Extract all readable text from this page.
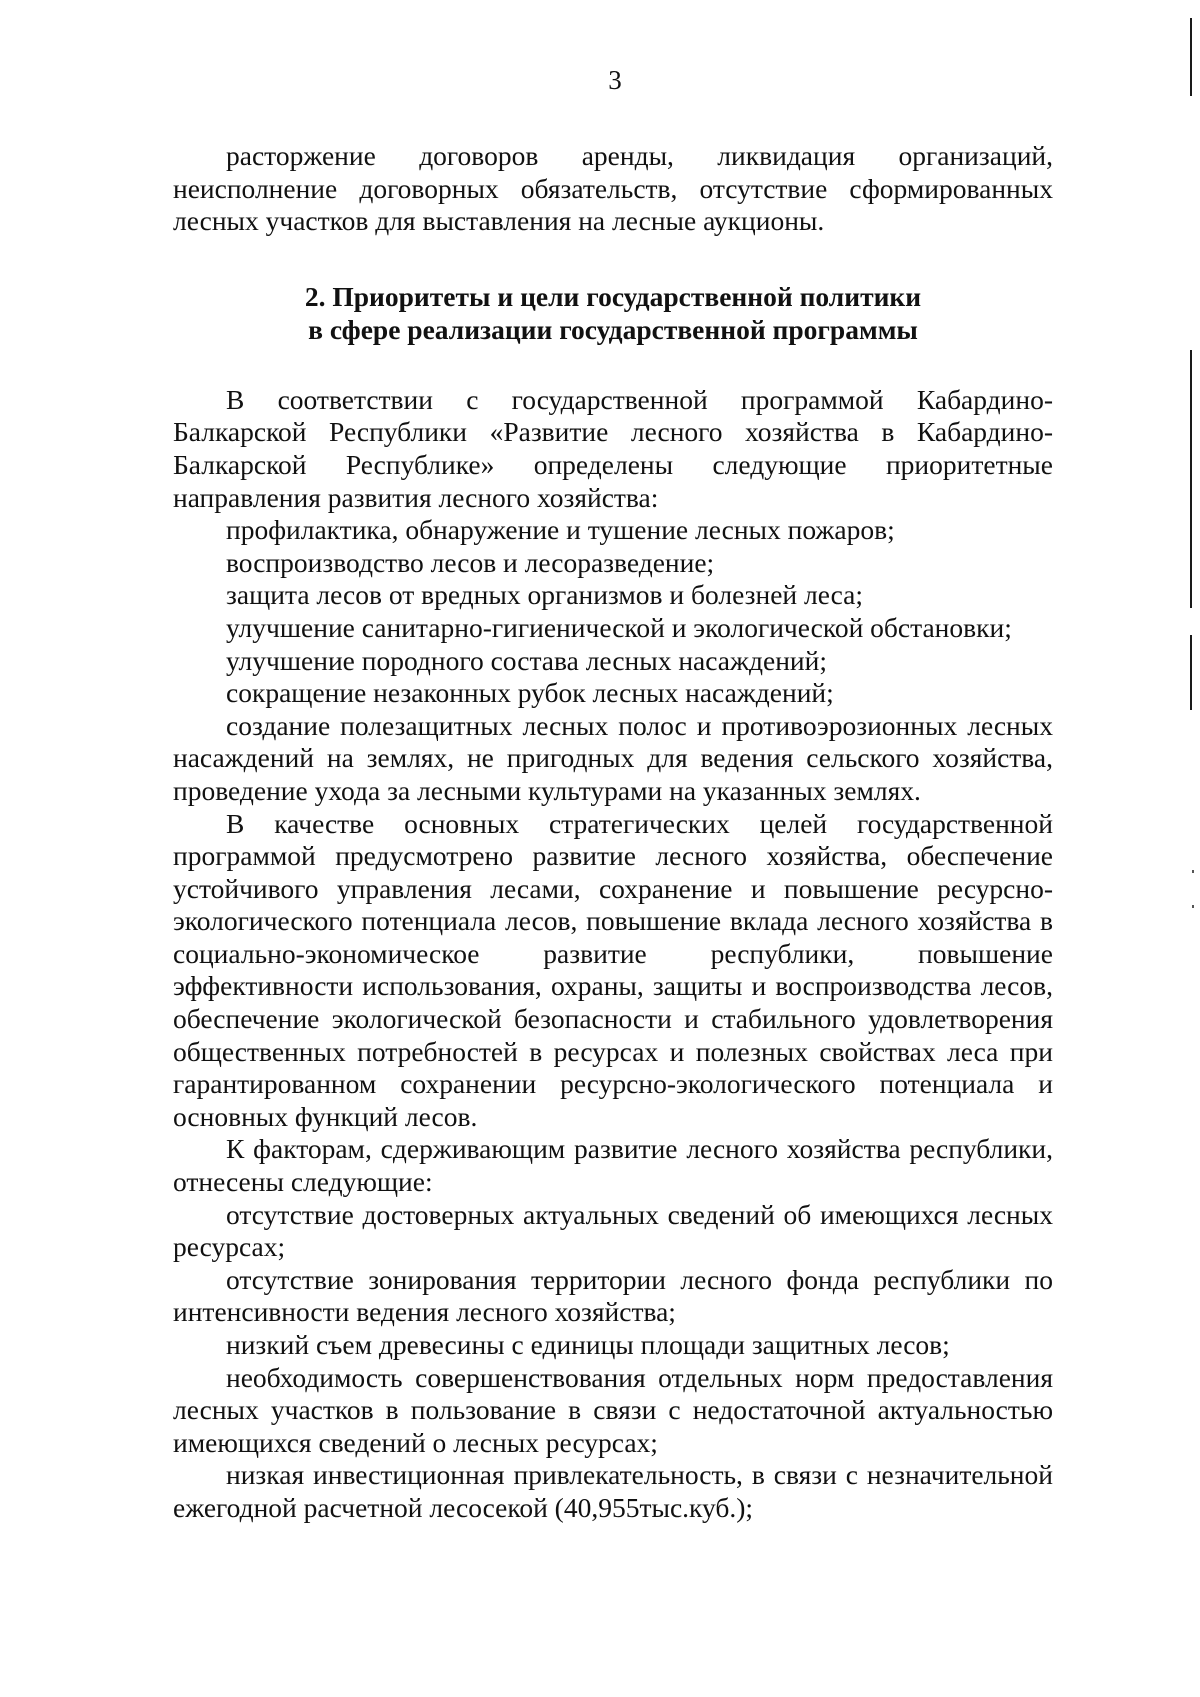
3

расторжение договоров аренды, ликвидация организаций, неисполнение договорных обязательств, отсутствие сформированных лесных участков для выставления на лесные аукционы.

2. Приоритеты и цели государственной политики
в сфере реализации государственной программы

В соответствии с государственной программой Кабардино-Балкарской Республики «Развитие лесного хозяйства в Кабардино-Балкарской Республике» определены следующие приоритетные направления развития лесного хозяйства:

профилактика, обнаружение и тушение лесных пожаров;

воспроизводство лесов и лесоразведение;

защита лесов от вредных организмов и болезней леса;

улучшение санитарно-гигиенической и экологической обстановки;

улучшение породного состава лесных насаждений;

сокращение незаконных рубок лесных насаждений;

создание полезащитных лесных полос и противоэрозионных лесных насаждений на землях, не пригодных для ведения сельского хозяйства, проведение ухода за лесными культурами на указанных землях.

В качестве основных стратегических целей государственной программой предусмотрено развитие лесного хозяйства, обеспечение устойчивого управления лесами, сохранение и повышение ресурсно-экологического потенциала лесов, повышение вклада лесного хозяйства в социально-экономическое развитие республики, повышение эффективности использования, охраны, защиты и воспроизводства лесов, обеспечение экологической безопасности и стабильного удовлетворения общественных потребностей в ресурсах и полезных свойствах леса при гарантированном сохранении ресурсно-экологического потенциала и основных функций лесов.

К факторам, сдерживающим развитие лесного хозяйства республики, отнесены следующие:

отсутствие достоверных актуальных сведений об имеющихся лесных ресурсах;

отсутствие зонирования территории лесного фонда республики по интенсивности ведения лесного хозяйства;

низкий съем древесины с единицы площади защитных лесов;

необходимость совершенствования отдельных норм предоставления лесных участков в пользование в связи с недостаточной актуальностью имеющихся сведений о лесных ресурсах;

низкая инвестиционная привлекательность, в связи с незначительной ежегодной расчетной лесосекой (40,955тыс.куб.);
